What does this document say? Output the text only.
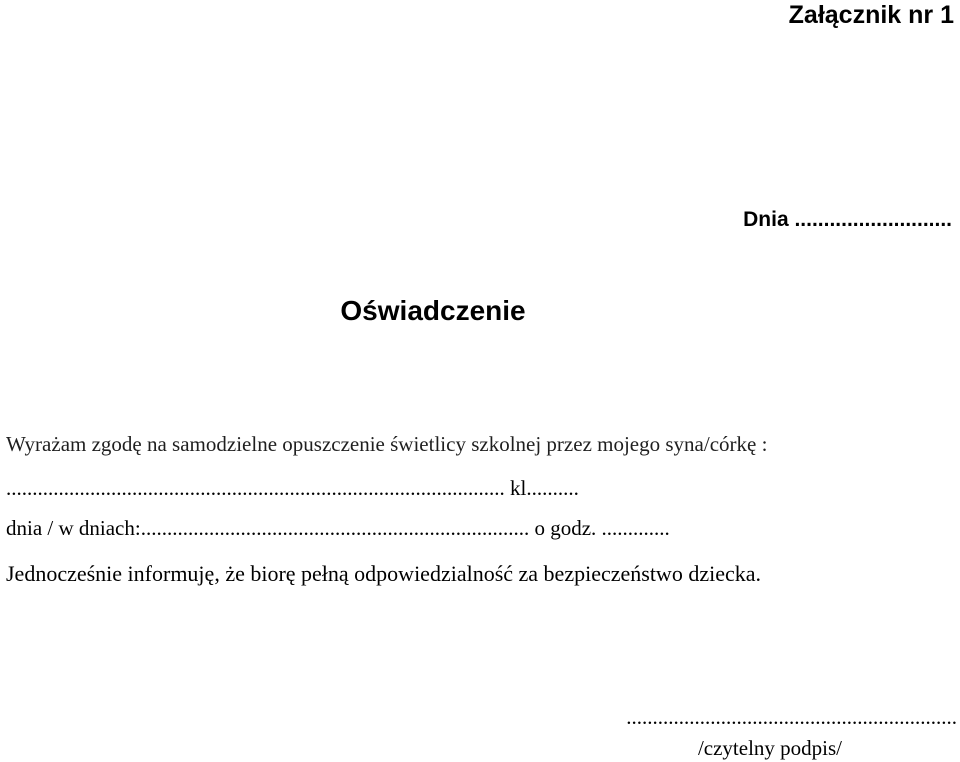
Załącznik nr 1
Dnia ...........................
Oświadczenie
Wyrażam zgodę na samodzielne opuszczenie świetlicy szkolnej przez mojego syna/córkę :
............................................................................................... kl..........
dnia / w dniach:.......................................................................... o godz. .............
Jednocześnie informuję, że biorę pełną odpowiedzialność za bezpieczeństwo dziecka.
...............................................................
/czytelny podpis/
